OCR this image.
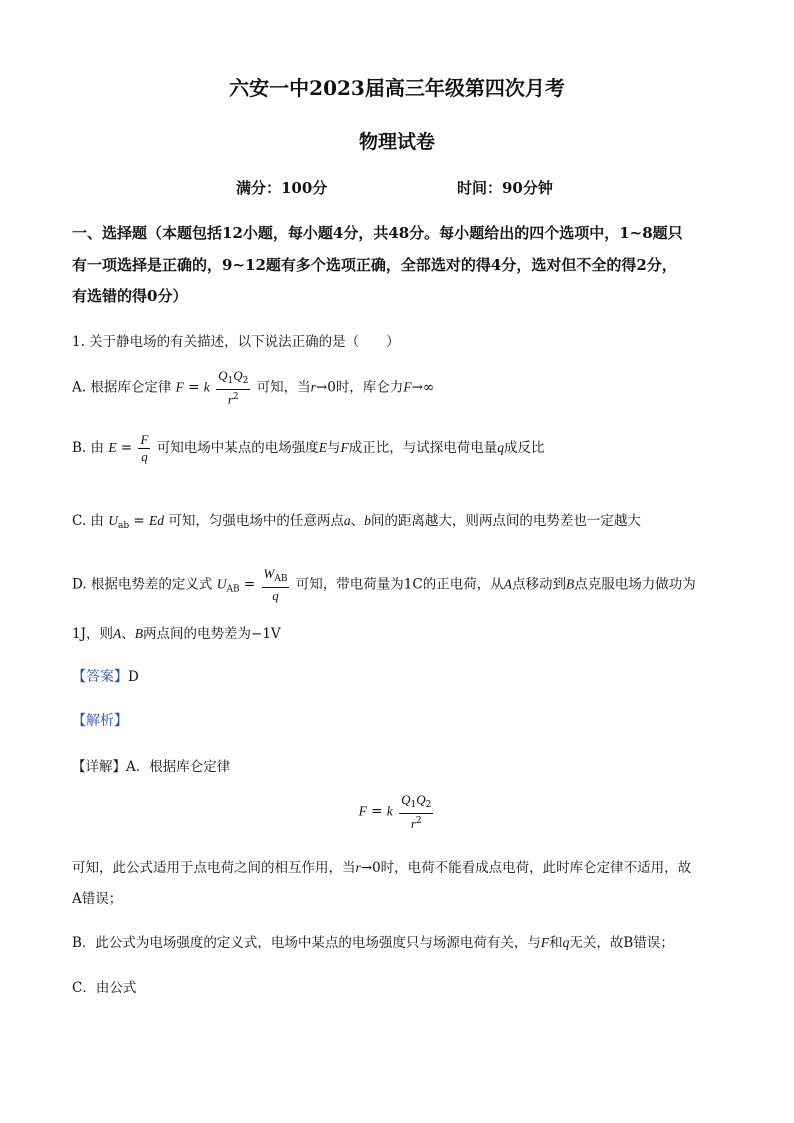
六安一中2023届高三年级第四次月考
物理试卷
满分：100分	时间：90分钟
一、选择题（本题包括12小题，每小题4分，共48分。每小题给出的四个选项中，1~8题只
有一项选择是正确的，9~12题有多个选项正确，全部选对的得4分，选对但不全的得2分，
有选错的得0分）
1. 关于静电场的有关描述，以下说法正确的是（　　）
A. 根据库仑定律 F = k $\frac{Q_1Q_2}{r^2}$ 可知，当r→0时，库仑力F→∞
B. 由 $E = \frac{F}{q}$ 可知电场中某点的电场强度E与F成正比，与试探电荷电量q成反比
C. 由 $U_{ab} = Ed$ 可知，匀强电场中的任意两点a、b间的距离越大，则两点间的电势差也一定越大
D. 根据电势差的定义式 $U_{AB} = \frac{W_{AB}}{q}$ 可知，带电荷量为1C的正电荷，从A点移动到B点克服电场力做功为
1J，则A、B两点间的电势差为−1V
【答案】D
【解析】
【详解】A．根据库仑定律
F = k $\frac{Q_1Q_2}{r^2}$
可知，此公式适用于点电荷之间的相互作用，当r→0时，电荷不能看成点电荷，此时库仑定律不适用，故
A错误；
B．此公式为电场强度的定义式，电场中某点的电场强度只与场源电荷有关，与F和q无关，故B错误；
C．由公式
